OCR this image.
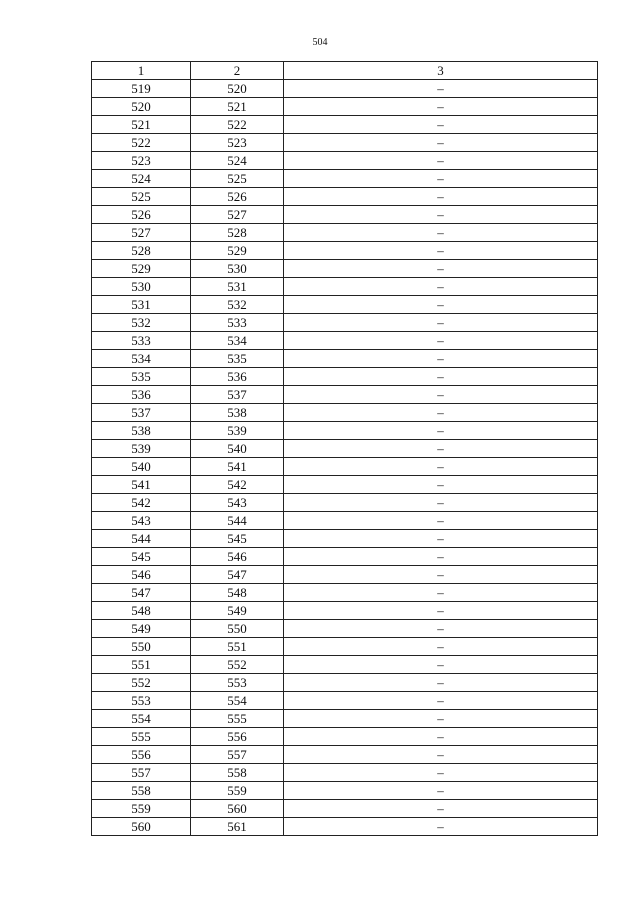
504
1	2	3
519	520	–
520	521	–
521	522	–
522	523	–
523	524	–
524	525	–
525	526	–
526	527	–
527	528	–
528	529	–
529	530	–
530	531	–
531	532	–
532	533	–
533	534	–
534	535	–
535	536	–
536	537	–
537	538	–
538	539	–
539	540	–
540	541	–
541	542	–
542	543	–
543	544	–
544	545	–
545	546	–
546	547	–
547	548	–
548	549	–
549	550	–
550	551	–
551	552	–
552	553	–
553	554	–
554	555	–
555	556	–
556	557	–
557	558	–
558	559	–
559	560	–
560	561	–
